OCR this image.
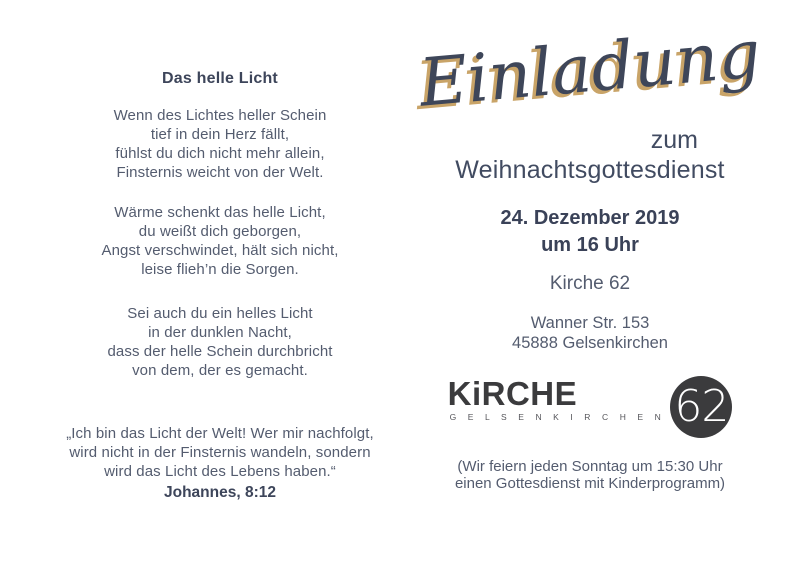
Das helle Licht
Wenn des Lichtes heller Schein
tief in dein Herz fällt,
fühlst du dich nicht mehr allein,
Finsternis weicht von der Welt.
Wärme schenkt das helle Licht,
du weißt dich geborgen,
Angst verschwindet, hält sich nicht,
leise flieh’n die Sorgen.
Sei auch du ein helles Licht
in der dunklen Nacht,
dass der helle Schein durchbricht
von dem, der es gemacht.
„Ich bin das Licht der Welt! Wer mir nachfolgt,
wird nicht in der Finsternis wandeln, sondern
wird das Licht des Lebens haben.“
Johannes, 8:12
Einladung
zum
Weihnachtsgottesdienst
24. Dezember 2019
um 16 Uhr
Kirche 62
Wanner Str. 153
45888 Gelsenkirchen
KiRCHE
G E L S E N K I R C H E N 62
(Wir feiern jeden Sonntag um 15:30 Uhr
einen Gottesdienst mit Kinderprogramm)
